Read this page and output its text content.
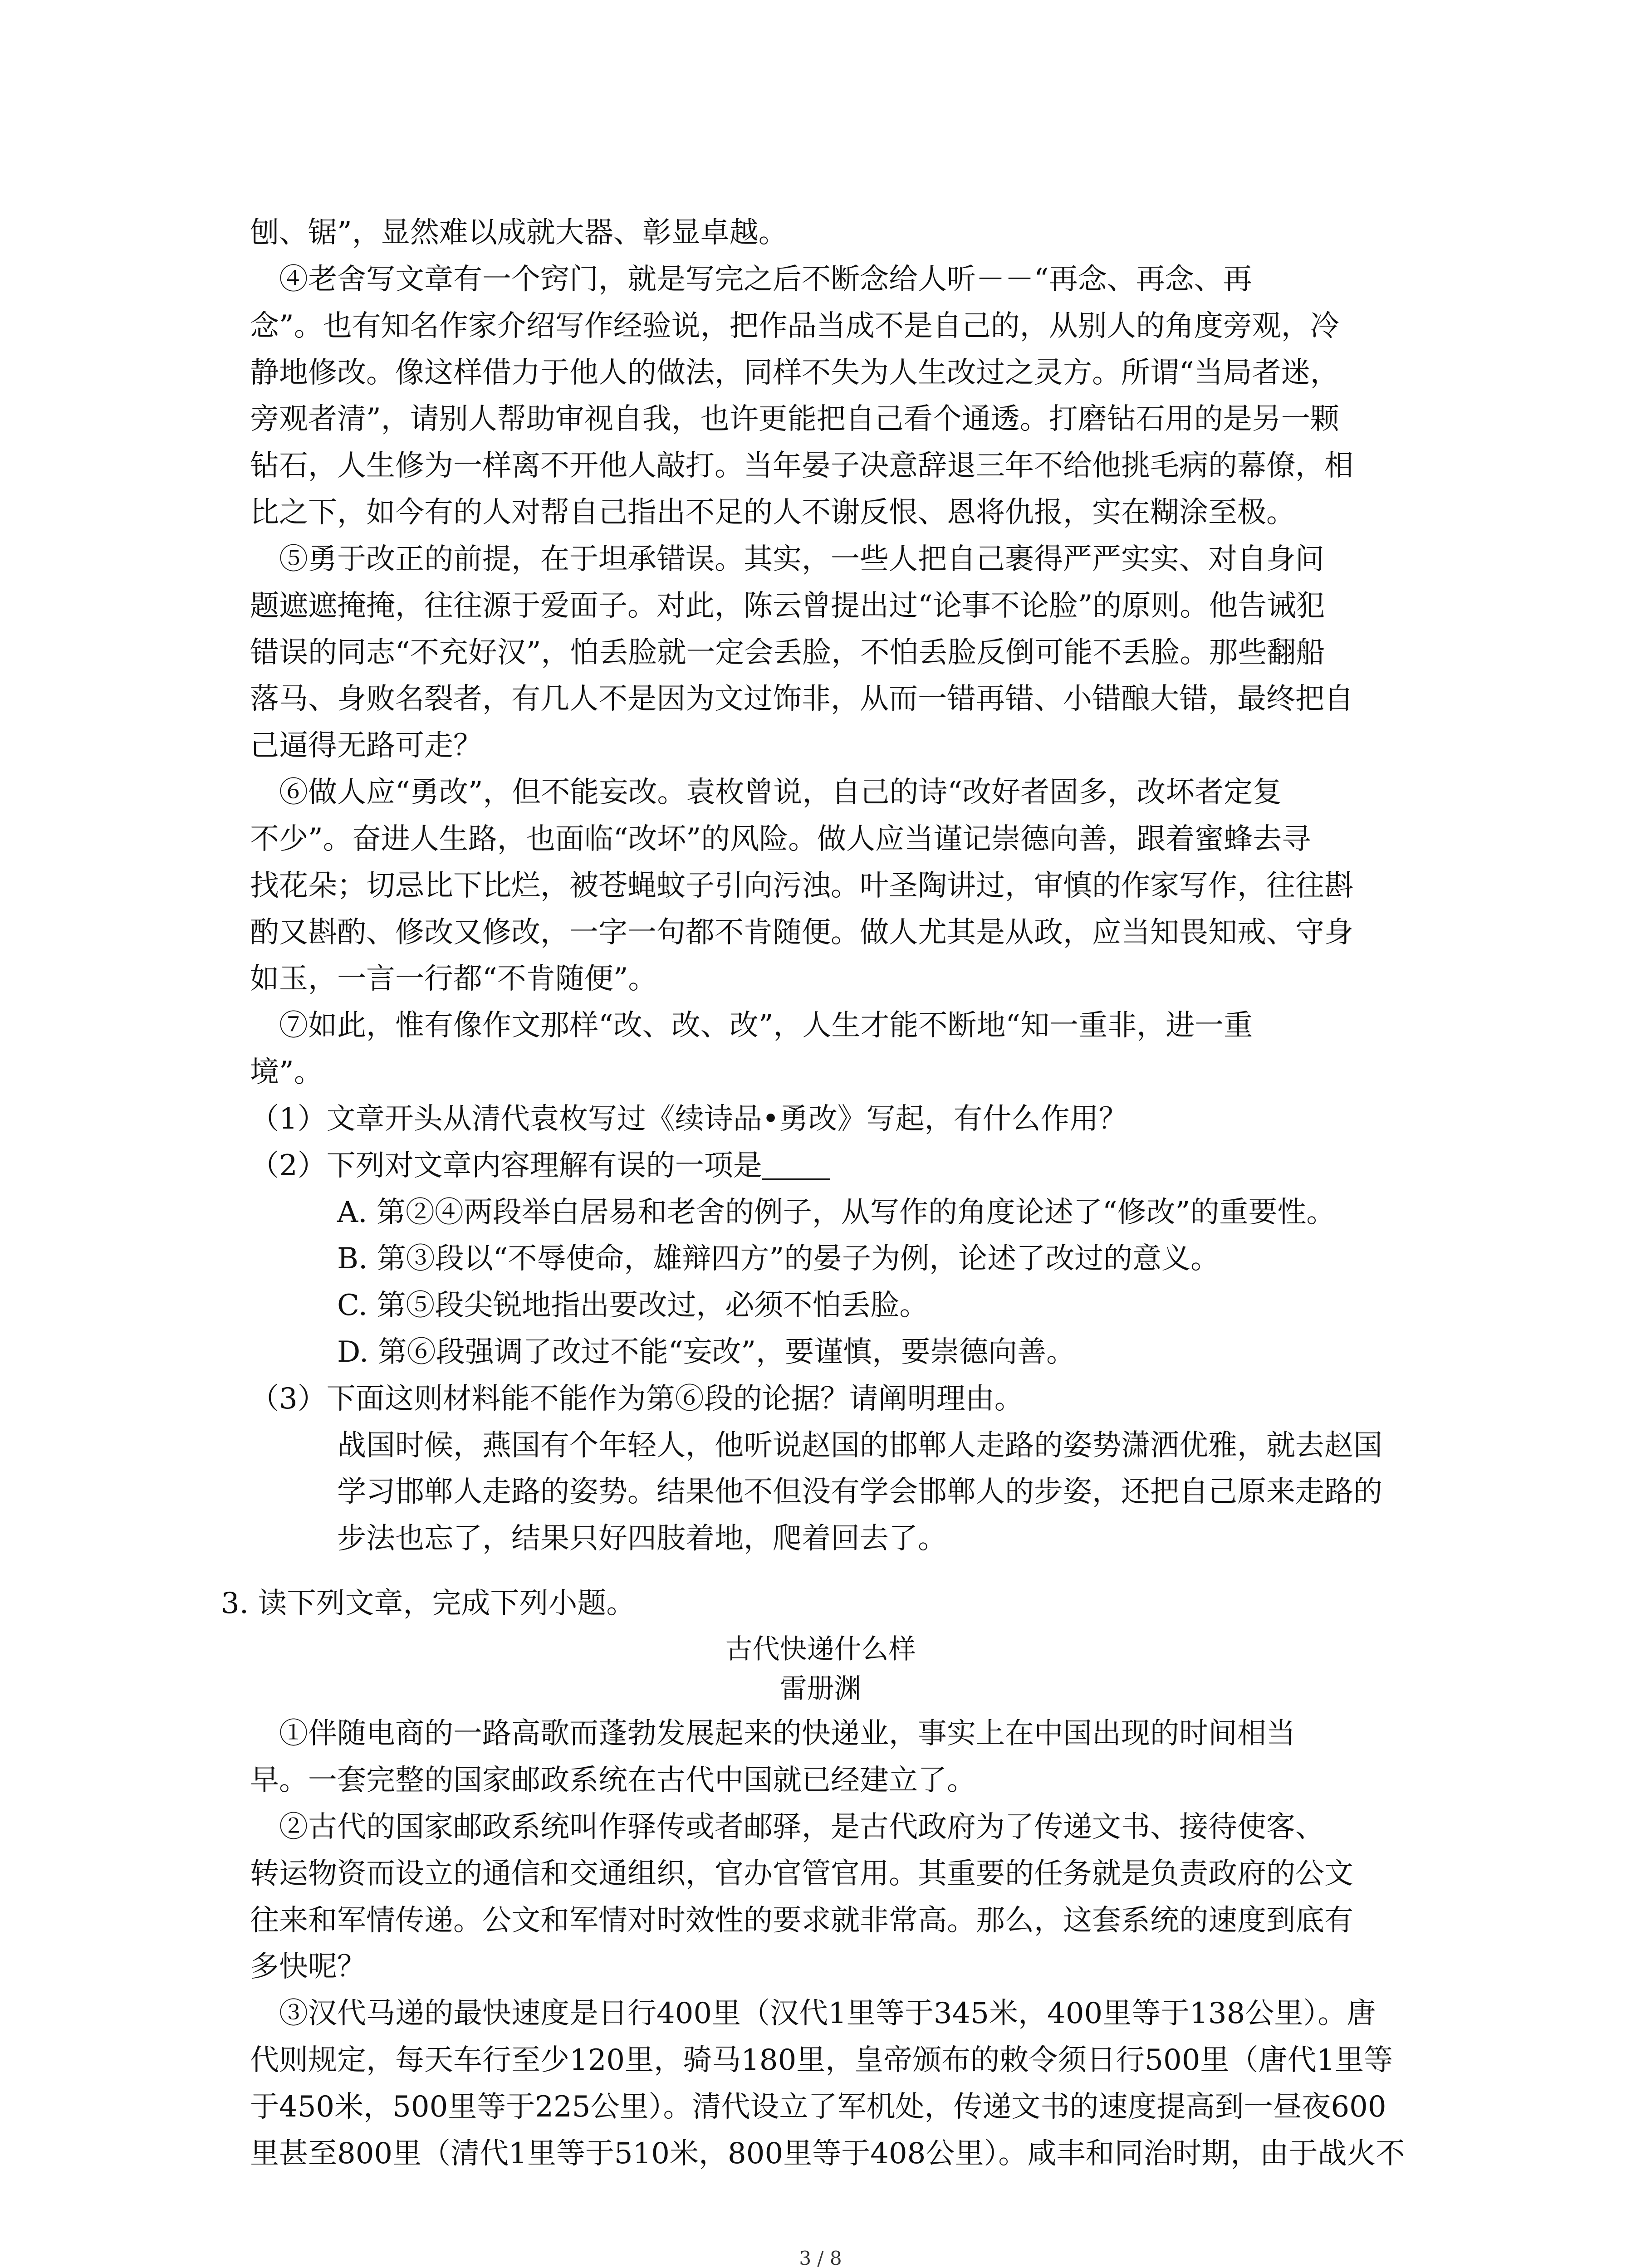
刨、锯”，显然难以成就大器、彰显卓越。
④老舍写文章有一个窍门，就是写完之后不断念给人听－－“再念、再念、再
念”。也有知名作家介绍写作经验说，把作品当成不是自己的，从别人的角度旁观，冷
静地修改。像这样借力于他人的做法，同样不失为人生改过之灵方。所谓“当局者迷，
旁观者清”，请别人帮助审视自我，也许更能把自己看个通透。打磨钻石用的是另一颗
钻石，人生修为一样离不开他人敲打。当年晏子决意辞退三年不给他挑毛病的幕僚，相
比之下，如今有的人对帮自己指出不足的人不谢反恨、恩将仇报，实在糊涂至极。
⑤勇于改正的前提，在于坦承错误。其实，一些人把自己裹得严严实实、对自身问
题遮遮掩掩，往往源于爱面子。对此，陈云曾提出过“论事不论脸”的原则。他告诫犯
错误的同志“不充好汉”，怕丢脸就一定会丢脸，不怕丢脸反倒可能不丢脸。那些翻船
落马、身败名裂者，有几人不是因为文过饰非，从而一错再错、小错酿大错，最终把自
己逼得无路可走？
⑥做人应“勇改”，但不能妄改。袁枚曾说，自己的诗“改好者固多，改坏者定复
不少”。奋进人生路，也面临“改坏”的风险。做人应当谨记崇德向善，跟着蜜蜂去寻
找花朵；切忌比下比烂，被苍蝇蚊子引向污浊。叶圣陶讲过，审慎的作家写作，往往斟
酌又斟酌、修改又修改，一字一句都不肯随便。做人尤其是从政，应当知畏知戒、守身
如玉，一言一行都“不肯随便”。
⑦如此，惟有像作文那样“改、改、改”，人生才能不断地“知一重非，进一重
境”。
（1）文章开头从清代袁枚写过《续诗品•勇改》写起，有什么作用？
（2）下列对文章内容理解有误的一项是
A. 第②④两段举白居易和老舍的例子，从写作的角度论述了“修改”的重要性。
B. 第③段以“不辱使命，雄辩四方”的晏子为例，论述了改过的意义。
C. 第⑤段尖锐地指出要改过，必须不怕丢脸。
D. 第⑥段强调了改过不能“妄改”，要谨慎，要崇德向善。
（3）下面这则材料能不能作为第⑥段的论据？请阐明理由。
战国时候，燕国有个年轻人，他听说赵国的邯郸人走路的姿势潇洒优雅，就去赵国
学习邯郸人走路的姿势。结果他不但没有学会邯郸人的步姿，还把自己原来走路的
步法也忘了，结果只好四肢着地，爬着回去了。
3. 读下列文章，完成下列小题。
古代快递什么样
雷册渊
①伴随电商的一路高歌而蓬勃发展起来的快递业，事实上在中国出现的时间相当
早。一套完整的国家邮政系统在古代中国就已经建立了。
②古代的国家邮政系统叫作驿传或者邮驿，是古代政府为了传递文书、接待使客、
转运物资而设立的通信和交通组织，官办官管官用。其重要的任务就是负责政府的公文
往来和军情传递。公文和军情对时效性的要求就非常高。那么，这套系统的速度到底有
多快呢？
③汉代马递的最快速度是日行400里（汉代1里等于345米，400里等于138公里）。唐
代则规定，每天车行至少120里，骑马180里，皇帝颁布的敕令须日行500里（唐代1里等
于450米，500里等于225公里）。清代设立了军机处，传递文书的速度提高到一昼夜600
里甚至800里（清代1里等于510米，800里等于408公里）。咸丰和同治时期，由于战火不
3 / 8
